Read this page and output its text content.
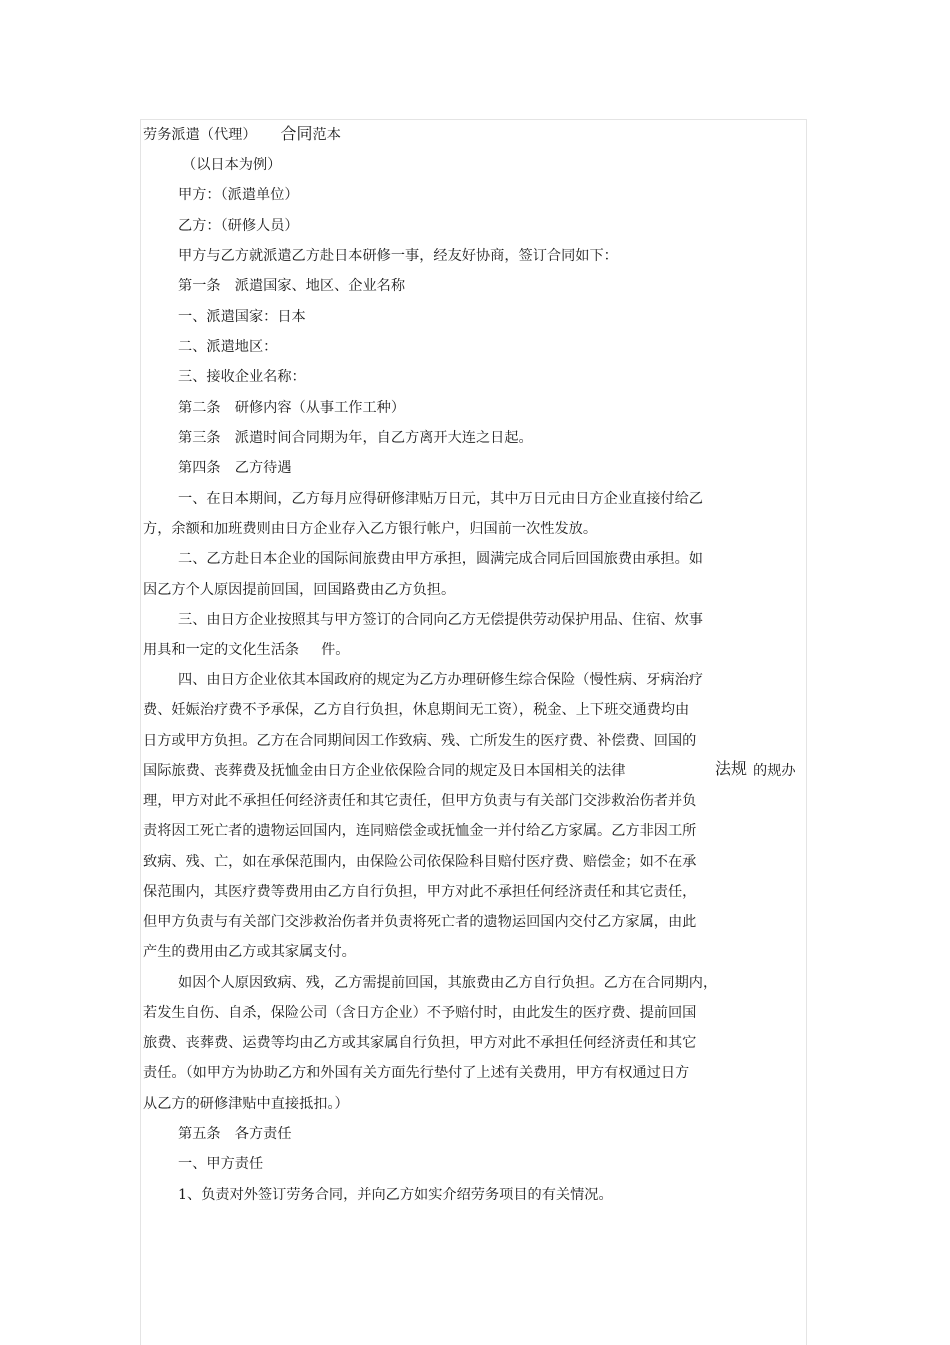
劳务派遣（代理） 合同范本
（以日本为例）
甲方：（派遣单位）
乙方：（研修人员）
甲方与乙方就派遣乙方赴日本研修一事，经友好协商，签订合同如下：
第一条　派遣国家、地区、企业名称
一、派遣国家：日本
二、派遣地区：
三、接收企业名称：
第二条　研修内容（从事工作工种）
第三条　派遣时间合同期为年，自乙方离开大连之日起。
第四条　乙方待遇
一、在日本期间，乙方每月应得研修津贴万日元，其中万日元由日方企业直接付给乙
方，余额和加班费则由日方企业存入乙方银行帐户，归国前一次性发放。
二、乙方赴日本企业的国际间旅费由甲方承担，圆满完成合同后回国旅费由承担。如
因乙方个人原因提前回国，回国路费由乙方负担。
三、由日方企业按照其与甲方签订的合同向乙方无偿提供劳动保护用品、住宿、炊事
用具和一定的文化生活条 件。
四、由日方企业依其本国政府的规定为乙方办理研修生综合保险（慢性病、牙病治疗
费、妊娠治疗费不予承保，乙方自行负担，休息期间无工资），税金、上下班交通费均由
日方或甲方负担。乙方在合同期间因工作致病、残、亡所发生的医疗费、补偿费、回国的
国际旅费、丧葬费及抚恤金由日方企业依保险合同的规定及日本国相关的法律	法规 的规办
理，甲方对此不承担任何经济责任和其它责任，但甲方负责与有关部门交涉救治伤者并负
责将因工死亡者的遗物运回国内，连同赔偿金或抚恤金一并付给乙方家属。乙方非因工所
致病、残、亡，如在承保范围内，由保险公司依保险科目赔付医疗费、赔偿金；如不在承
保范围内，其医疗费等费用由乙方自行负担，甲方对此不承担任何经济责任和其它责任，
但甲方负责与有关部门交涉救治伤者并负责将死亡者的遗物运回国内交付乙方家属，由此
产生的费用由乙方或其家属支付。
如因个人原因致病、残，乙方需提前回国，其旅费由乙方自行负担。乙方在合同期内，
若发生自伤、自杀，保险公司（含日方企业）不予赔付时，由此发生的医疗费、提前回国
旅费、丧葬费、运费等均由乙方或其家属自行负担，甲方对此不承担任何经济责任和其它
责任。（如甲方为协助乙方和外国有关方面先行垫付了上述有关费用，甲方有权通过日方
从乙方的研修津贴中直接抵扣。）
第五条　各方责任
一、甲方责任
1、负责对外签订劳务合同，并向乙方如实介绍劳务项目的有关情况。
